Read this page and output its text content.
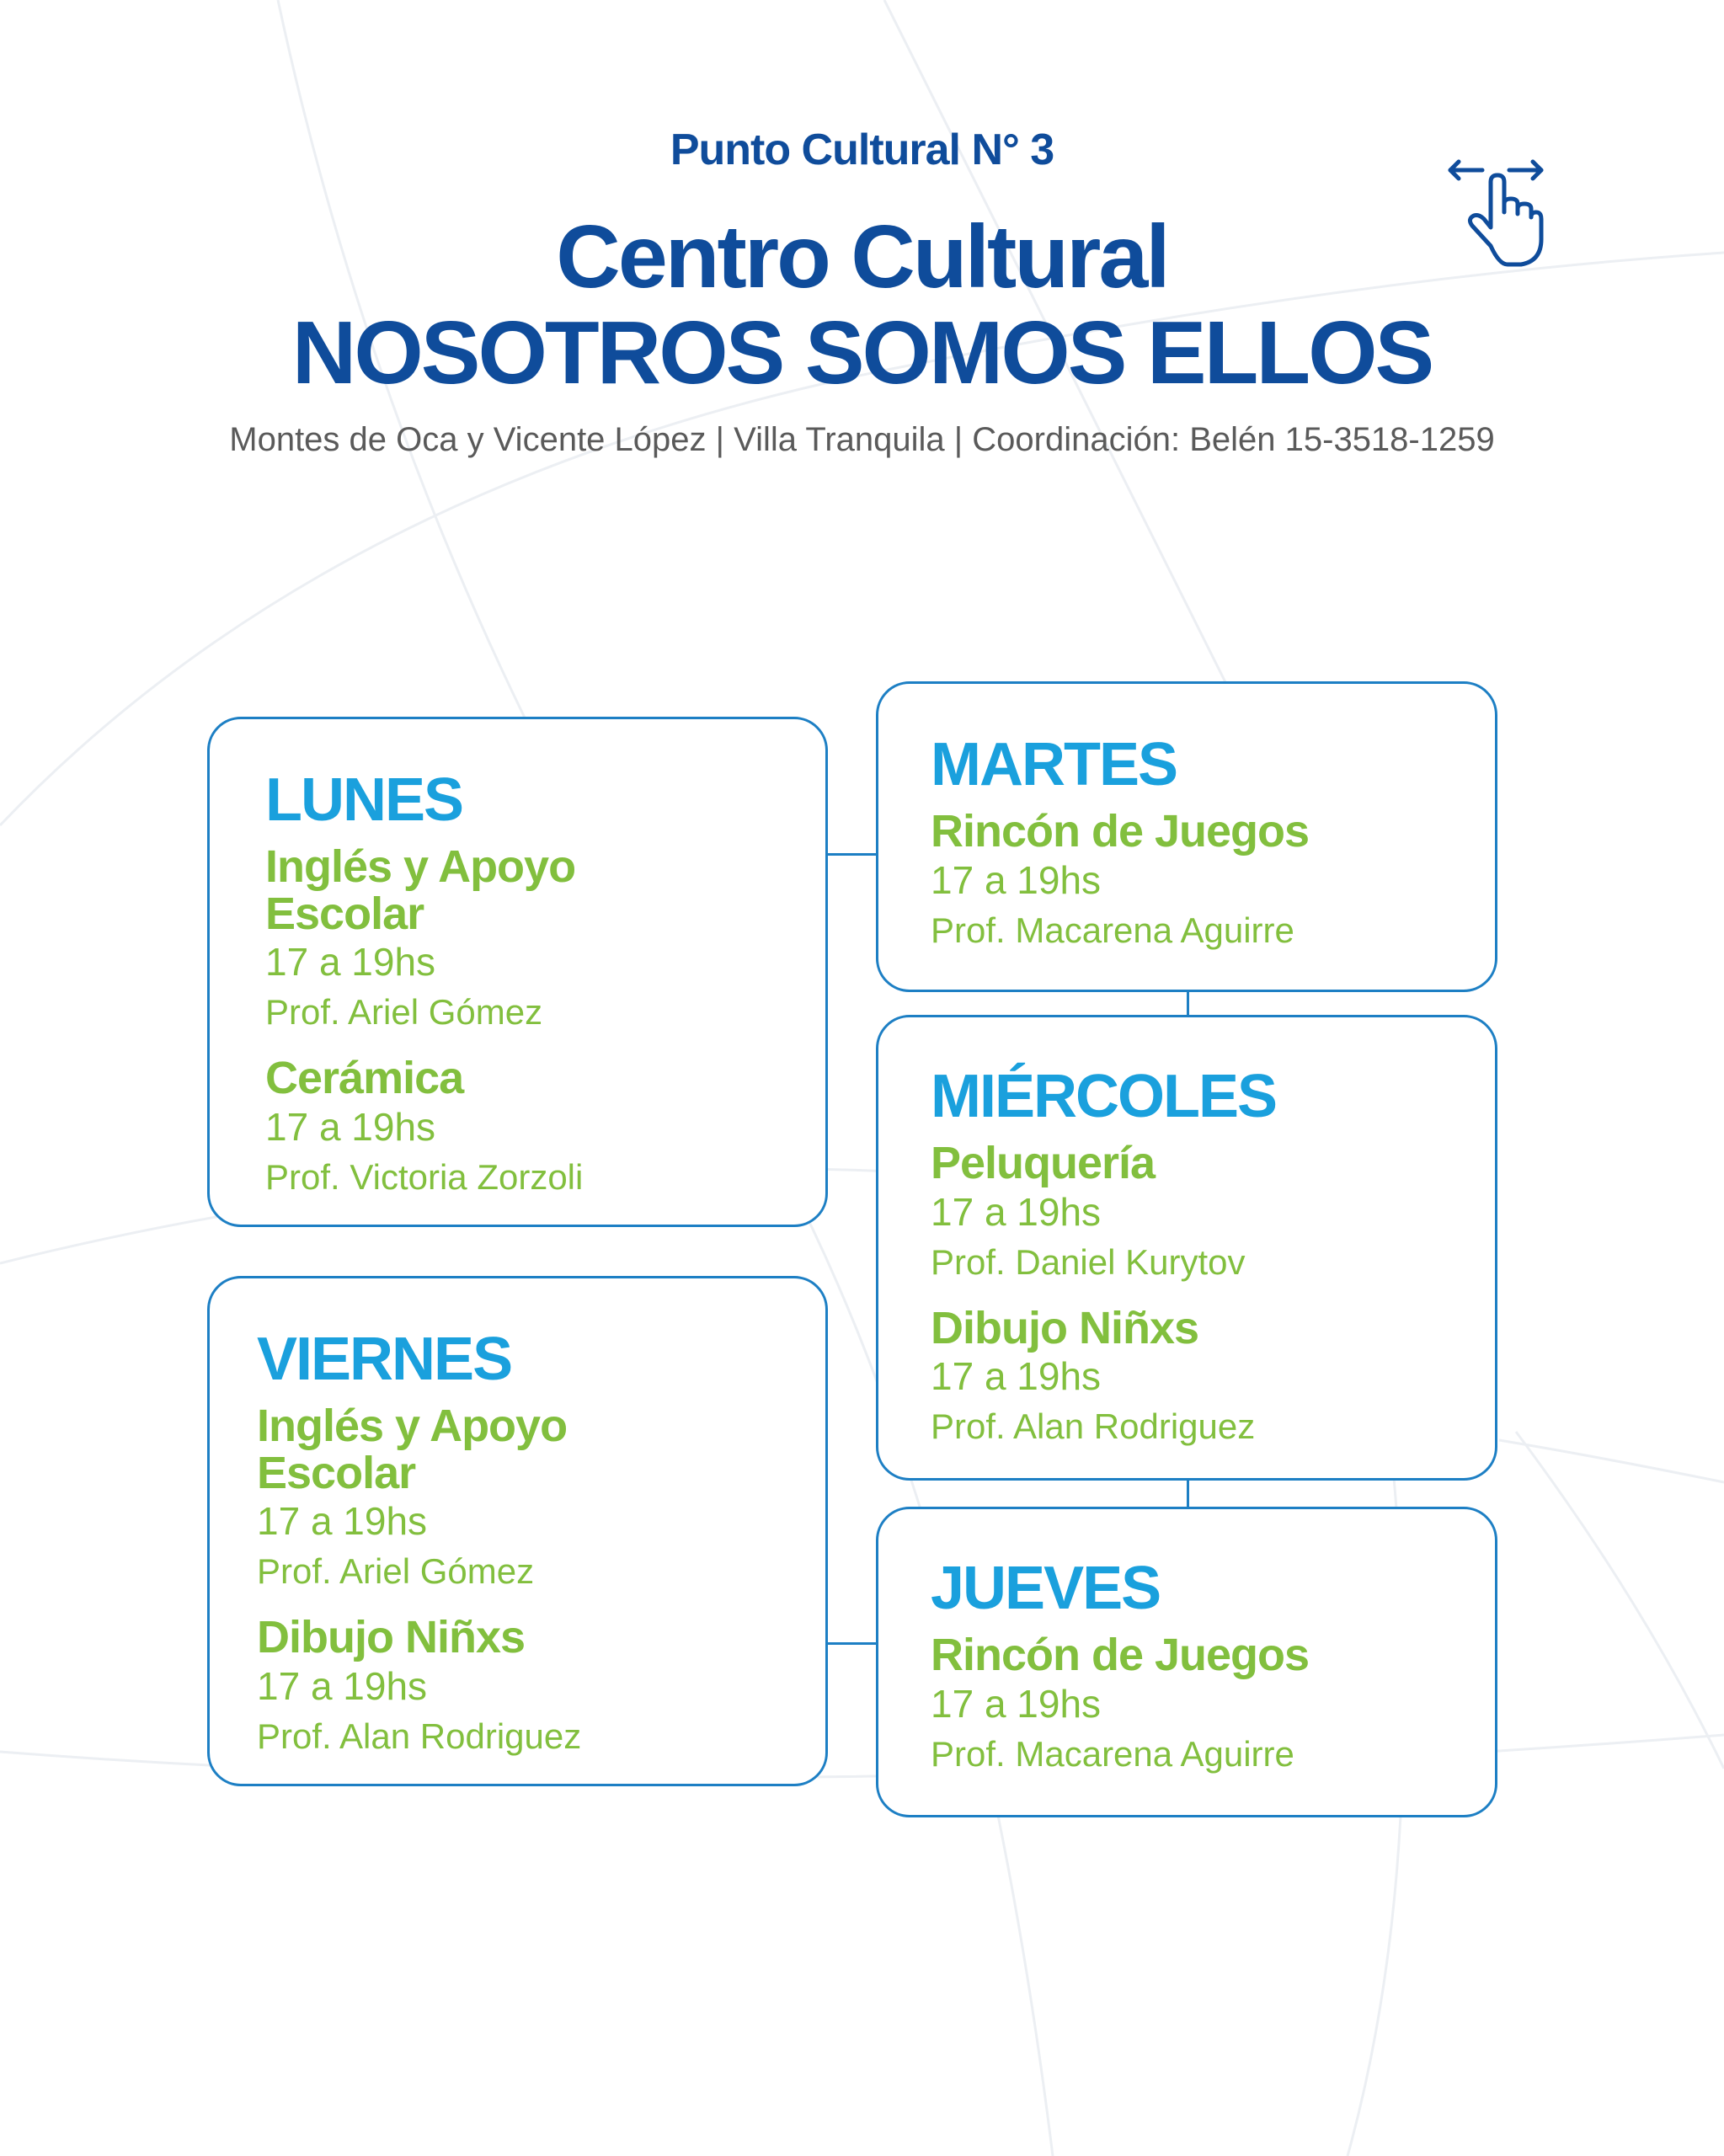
Punto Cultural N° 3
Centro Cultural
NOSOTROS SOMOS ELLOS
Montes de Oca y Vicente López | Villa Tranquila | Coordinación: Belén 15-3518-1259
LUNES
Inglés y Apoyo
Escolar
17 a 19hs
Prof. Ariel Gómez
Cerámica
17 a 19hs
Prof. Victoria Zorzoli
MARTES
Rincón de Juegos
17 a 19hs
Prof. Macarena Aguirre
MIÉRCOLES
Peluquería
17 a 19hs
Prof. Daniel Kurytov
Dibujo Niñxs
17 a 19hs
Prof. Alan Rodriguez
VIERNES
Inglés y Apoyo
Escolar
17 a 19hs
Prof. Ariel Gómez
Dibujo Niñxs
17 a 19hs
Prof. Alan Rodriguez
JUEVES
Rincón de Juegos
17 a 19hs
Prof. Macarena Aguirre
